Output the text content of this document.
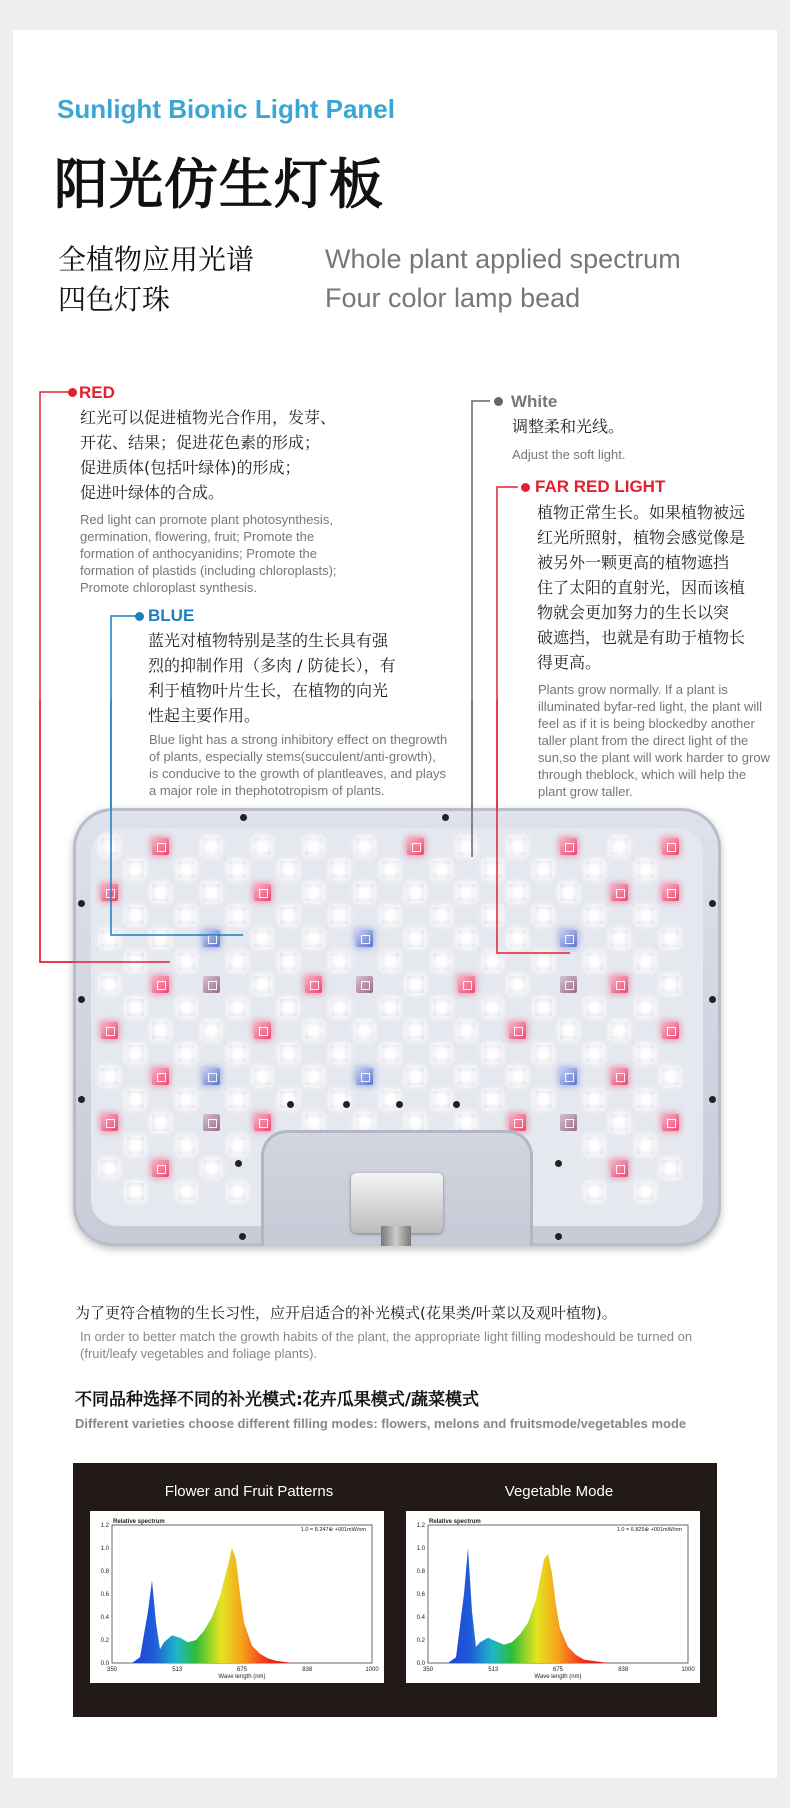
Sunlight Bionic Light Panel
阳光仿生灯板
全植物应用光谱
四色灯珠
Whole plant applied spectrum
Four color lamp bead
RED
红光可以促进植物光合作用，发芽、
开花、结果；促进花色素的形成；
促进质体(包括叶绿体)的形成；
促进叶绿体的合成。
Red light can promote plant photosynthesis,
germination, flowering, fruit; Promote the
formation of anthocyanidins; Promote the
formation of plastids (including chloroplasts);
Promote chloroplast synthesis.
BLUE
蓝光对植物特别是茎的生长具有强
烈的抑制作用（多肉 / 防徒长），有
利于植物叶片生长，在植物的向光
性起主要作用。
Blue light has a strong inhibitory effect on thegrowth
of plants, especially stems(succulent/anti-growth),
is conducive to the growth of plantleaves, and plays
a major role in thephototropism of plants.
White
调整柔和光线。
Adjust the soft light.
FAR RED LIGHT
植物正常生长。如果植物被远
红光所照射，植物会感觉像是
被另外一颗更高的植物遮挡
住了太阳的直射光，因而该植
物就会更加努力的生长以突
破遮挡，也就是有助于植物长
得更高。
Plants grow normally. If a plant is
illuminated byfar-red light, the plant will
feel as if it is being blockedby another
taller plant from the direct light of the
sun,so the plant will work harder to grow
through theblock, which will help the
plant grow taller.
为了更符合植物的生长习性，应开启适合的补光模式(花果类/叶菜以及观叶植物)。
In order to better match the growth habits of the plant, the appropriate light filling modeshould be turned on (fruit/leafy vegetables and foliage plants).
不同品种选择不同的补光模式:花卉瓜果模式/蔬菜模式
Different varieties choose different filling modes: flowers, melons and fruitsmode/vegetables mode
Flower and Fruit Patterns	Vegetable Mode
0.0
0.2
0.4
0.6
0.8
1.0
1.2
350	513	675	838	1000
Relative spectrum
1.0 = 8.247⊕ +001mW/nm
Wave length (nm)
0.0
0.2
0.4
0.6
0.8
1.0
1.2
350	513	675	838	1000
Relative spectrum
1.0 = 6.825⊕ +001mW/nm
Wave length (nm)
